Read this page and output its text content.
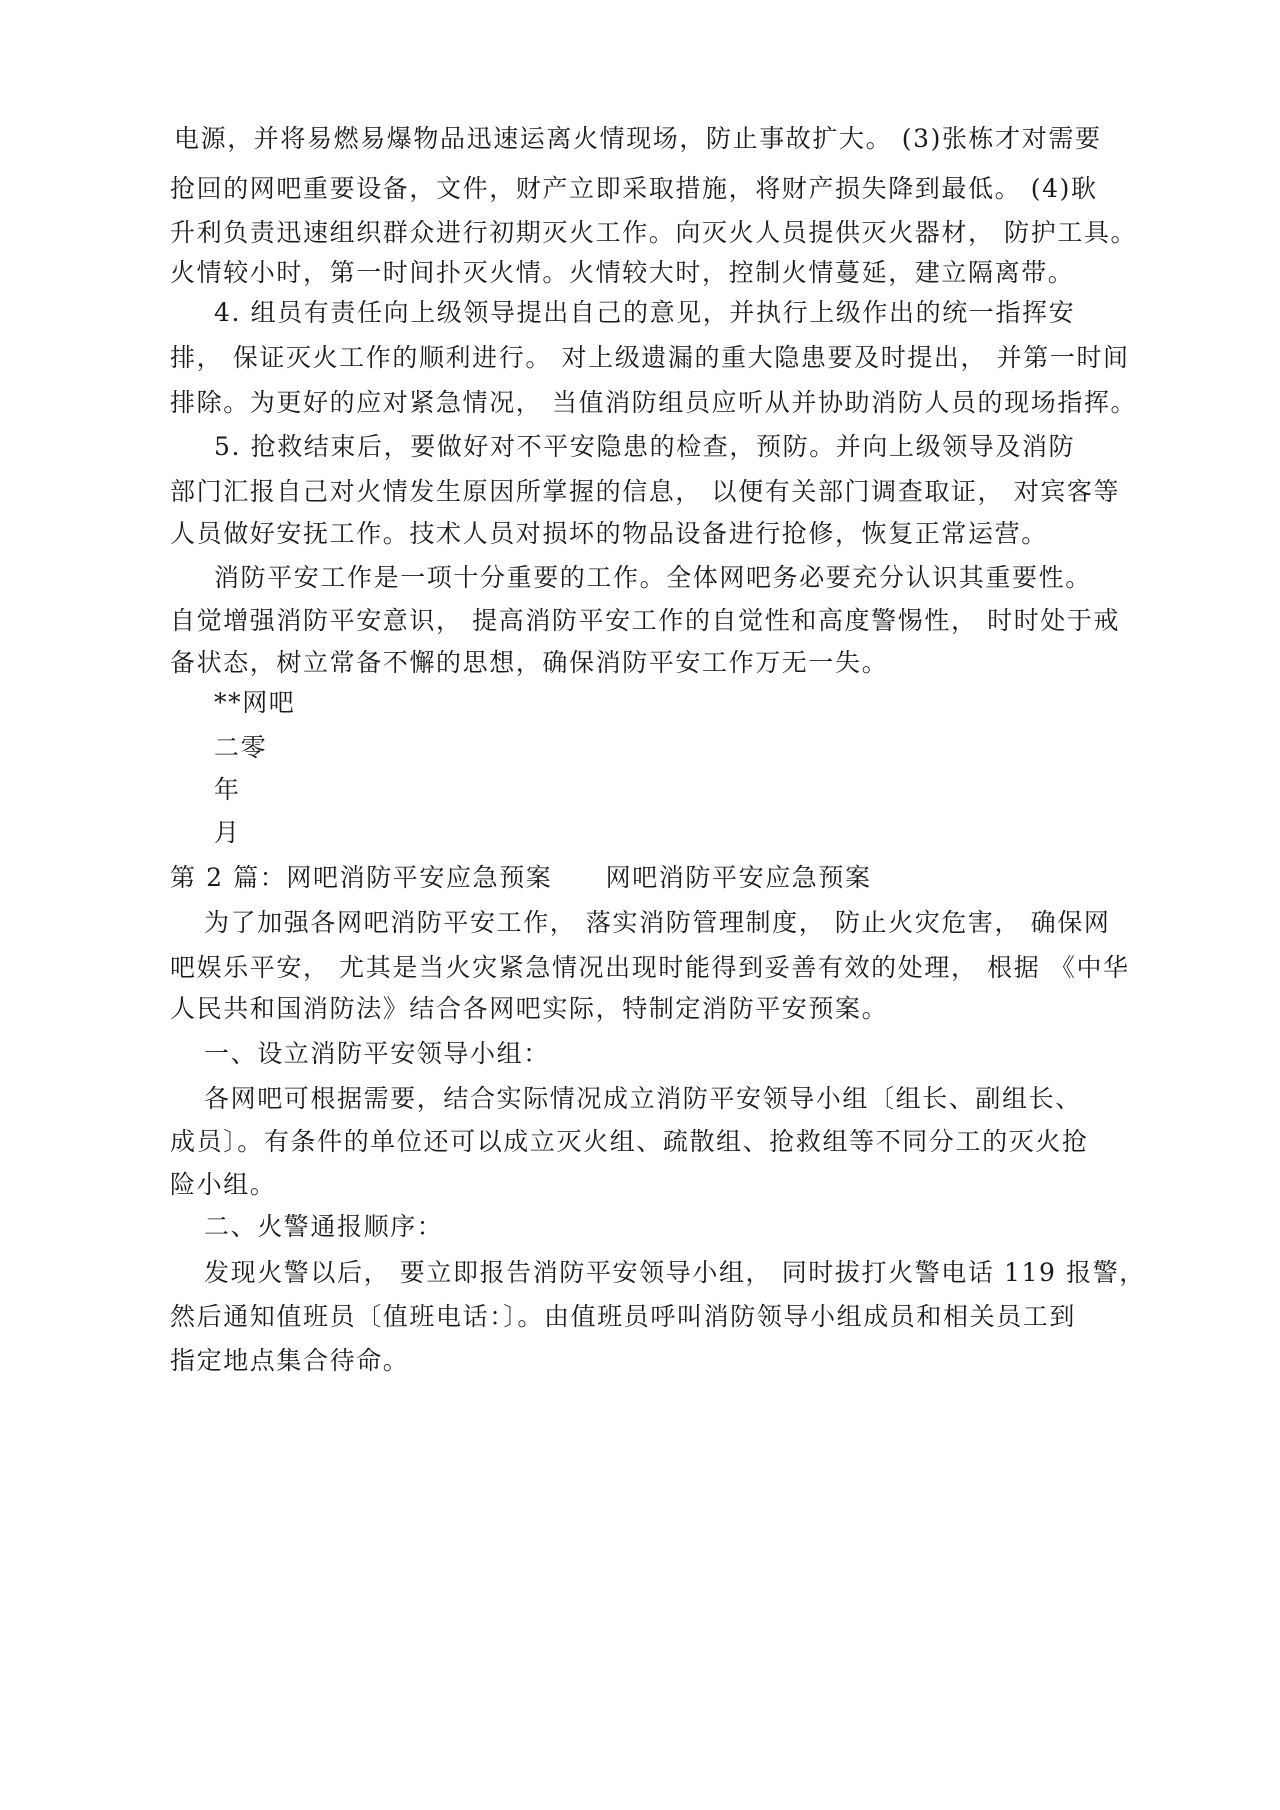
电源，并将易燃易爆物品迅速运离火情现场，防止事故扩大。 (3)张栋才对需要
抢回的网吧重要设备，文件，财产立即采取措施，将财产损失降到最低。 (4)耿
升利负责迅速组织群众进行初期灭火工作。向灭火人员提供灭火器材， 防护工具。
火情较小时，第一时间扑灭火情。火情较大时，控制火情蔓延，建立隔离带。
4. 组员有责任向上级领导提出自己的意见，并执行上级作出的统一指挥安
排， 保证灭火工作的顺利进行。 对上级遗漏的重大隐患要及时提出， 并第一时间
排除。为更好的应对紧急情况， 当值消防组员应听从并协助消防人员的现场指挥。
5. 抢救结束后，要做好对不平安隐患的检查，预防。并向上级领导及消防
部门汇报自己对火情发生原因所掌握的信息， 以便有关部门调查取证， 对宾客等
人员做好安抚工作。技术人员对损坏的物品设备进行抢修，恢复正常运营。
消防平安工作是一项十分重要的工作。全体网吧务必要充分认识其重要性。
自觉增强消防平安意识， 提高消防平安工作的自觉性和高度警惕性， 时时处于戒
备状态，树立常备不懈的思想，确保消防平安工作万无一失。
**网吧
二零
年
月
第 2 篇：网吧消防平安应急预案　　网吧消防平安应急预案
为了加强各网吧消防平安工作， 落实消防管理制度， 防止火灾危害， 确保网
吧娱乐平安， 尤其是当火灾紧急情况出现时能得到妥善有效的处理， 根据 《中华
人民共和国消防法》结合各网吧实际，特制定消防平安预案。
一、设立消防平安领导小组：
各网吧可根据需要，结合实际情况成立消防平安领导小组〔组长、副组长、
成员〕。有条件的单位还可以成立灭火组、疏散组、抢救组等不同分工的灭火抢
险小组。
二、火警通报顺序：
发现火警以后， 要立即报告消防平安领导小组， 同时拔打火警电话 119 报警，
然后通知值班员〔值班电话：〕。由值班员呼叫消防领导小组成员和相关员工到
指定地点集合待命。
